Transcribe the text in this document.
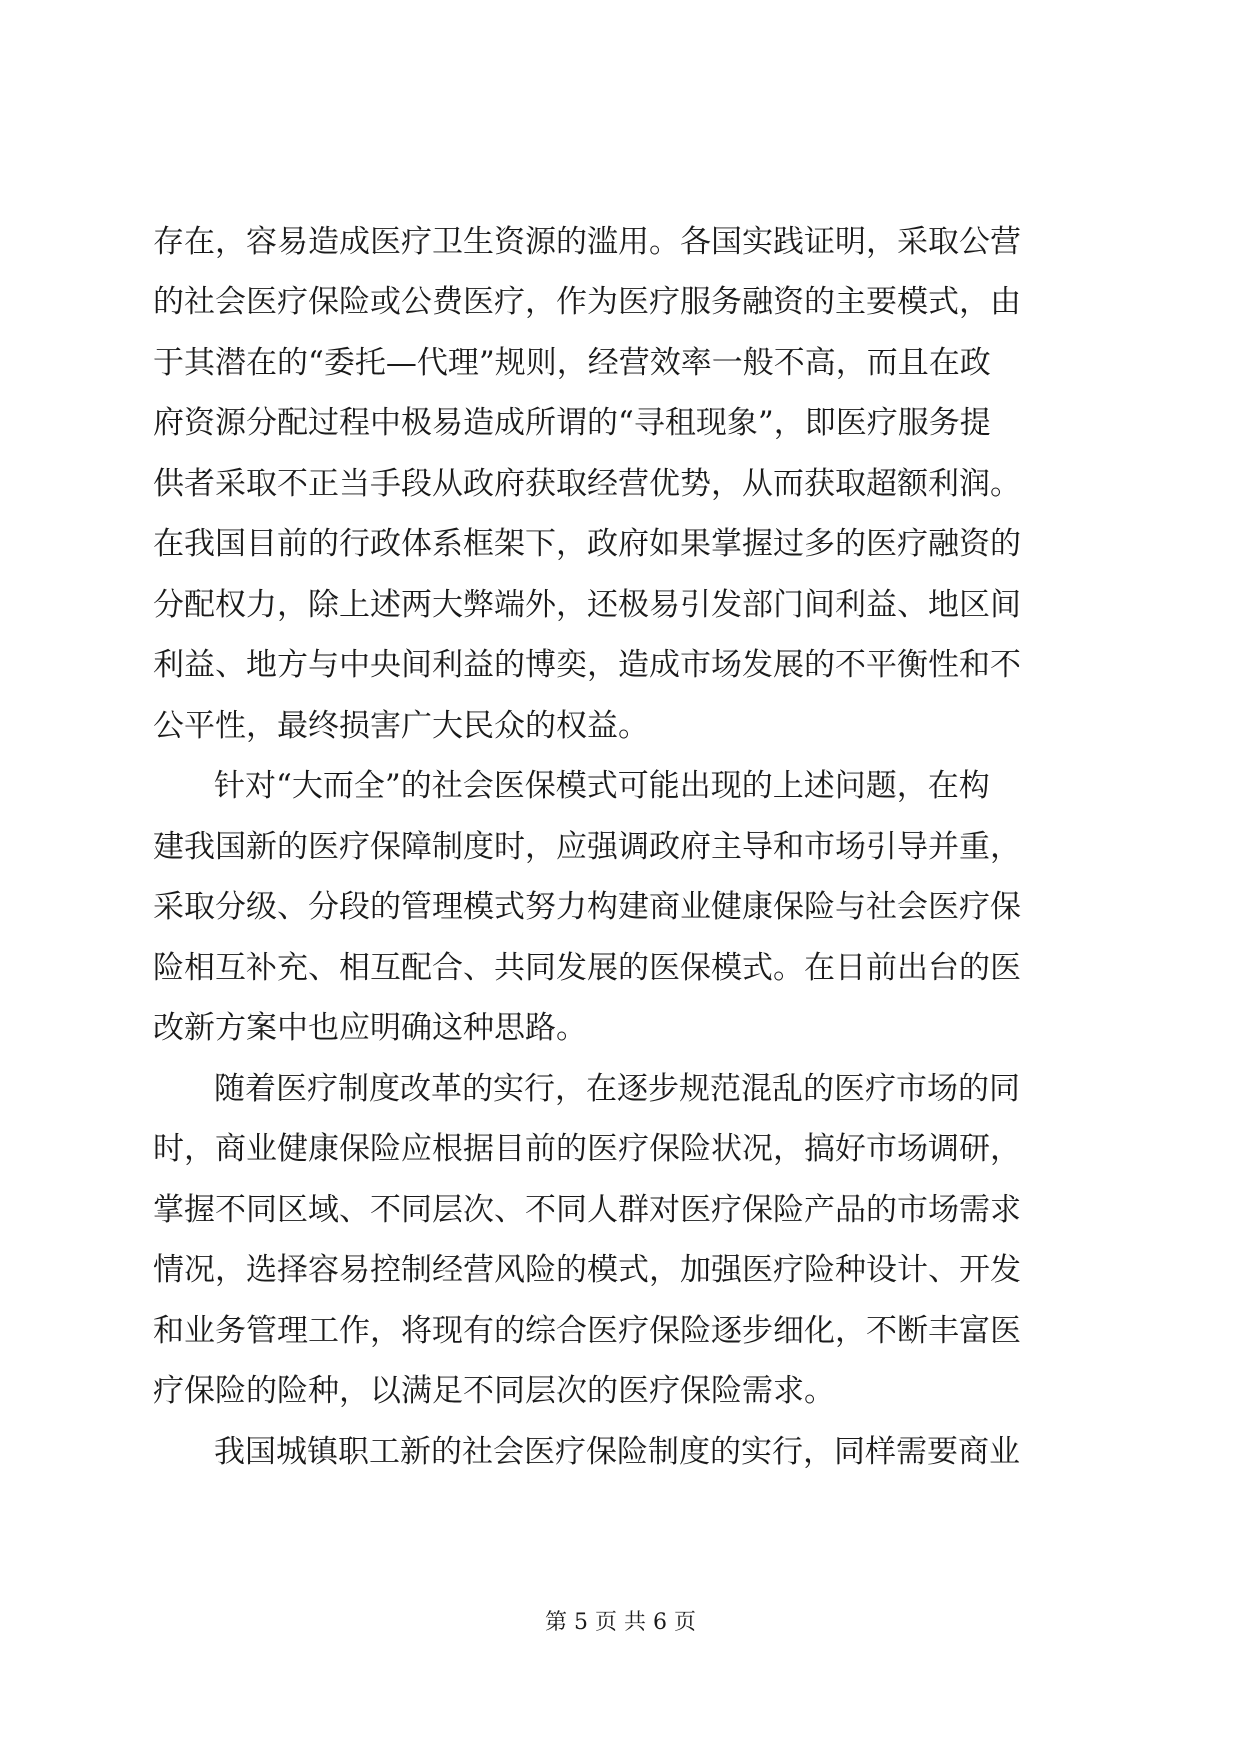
存在，容易造成医疗卫生资源的滥用。各国实践证明，采取公营
的社会医疗保险或公费医疗，作为医疗服务融资的主要模式，由
于其潜在的“委托—代理”规则，经营效率一般不高，而且在政
府资源分配过程中极易造成所谓的“寻租现象”，即医疗服务提
供者采取不正当手段从政府获取经营优势，从而获取超额利润。
在我国目前的行政体系框架下，政府如果掌握过多的医疗融资的
分配权力，除上述两大弊端外，还极易引发部门间利益、地区间
利益、地方与中央间利益的博奕，造成市场发展的不平衡性和不
公平性，最终损害广大民众的权益。
针对“大而全”的社会医保模式可能出现的上述问题，在构
建我国新的医疗保障制度时，应强调政府主导和市场引导并重，
采取分级、分段的管理模式努力构建商业健康保险与社会医疗保
险相互补充、相互配合、共同发展的医保模式。在日前出台的医
改新方案中也应明确这种思路。
随着医疗制度改革的实行，在逐步规范混乱的医疗市场的同
时，商业健康保险应根据目前的医疗保险状况，搞好市场调研，
掌握不同区域、不同层次、不同人群对医疗保险产品的市场需求
情况，选择容易控制经营风险的模式，加强医疗险种设计、开发
和业务管理工作，将现有的综合医疗保险逐步细化，不断丰富医
疗保险的险种，以满足不同层次的医疗保险需求。
我国城镇职工新的社会医疗保险制度的实行，同样需要商业
第 5 页 共 6 页
